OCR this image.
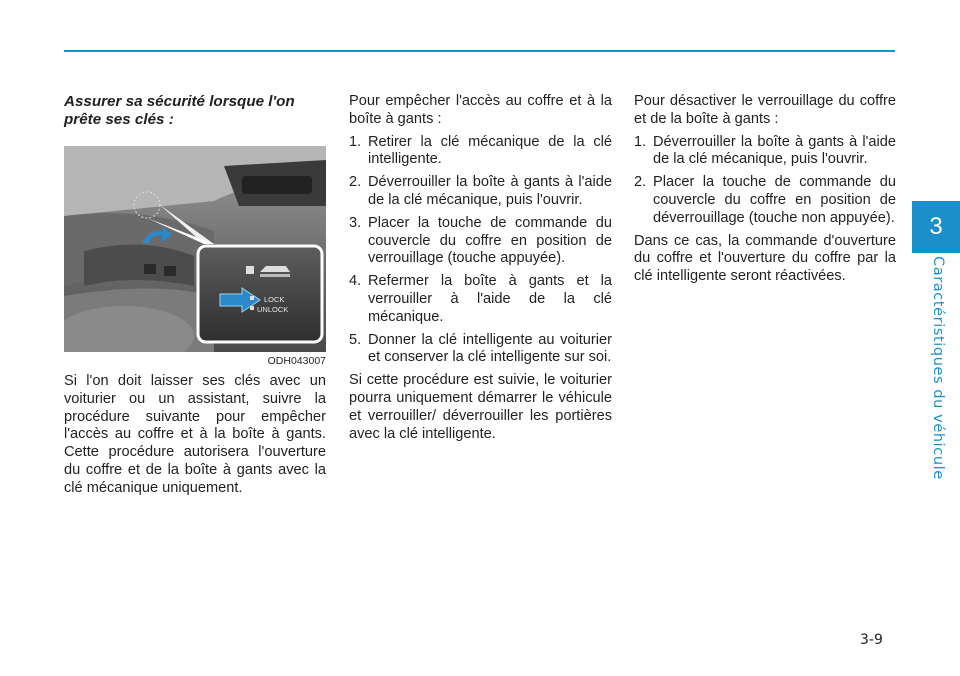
3
Caractéristiques du véhicule
Assurer sa sécurité lorsque l'on prête ses clés :
LOCK
UNLOCK
ODH043007

Si l'on doit laisser ses clés avec un voiturier ou un assistant, suivre la procédure suivante pour empêcher l'accès au coffre et à la boîte à gants. Cette procédure autorisera l'ouverture du coffre et de la boîte à gants avec la clé mécanique uniquement.

Pour empêcher l'accès au coffre et à la boîte à gants :

1. Retirer la clé mécanique de la clé intelligente.
2. Déverrouiller la boîte à gants à l'aide de la clé mécanique, puis l'ouvrir.
3. Placer la touche de commande du couvercle du coffre en position de verrouillage (touche appuyée).
4. Refermer la boîte à gants et la verrouiller à l'aide de la clé mécanique.
5. Donner la clé intelligente au voiturier et conserver la clé intelligente sur soi.

Si cette procédure est suivie, le voiturier pourra uniquement démarrer le véhicule et verrouiller/ déverrouiller les portières avec la clé intelligente.

Pour désactiver le verrouillage du coffre et de la boîte à gants :

1. Déverrouiller la boîte à gants à l'aide de la clé mécanique, puis l'ouvrir.
2. Placer la touche de commande du couvercle du coffre en position de déverrouillage (touche non appuyée).

Dans ce cas, la commande d'ouverture du coffre et l'ouverture du coffre par la clé intelligente seront réactivées.

3-9
